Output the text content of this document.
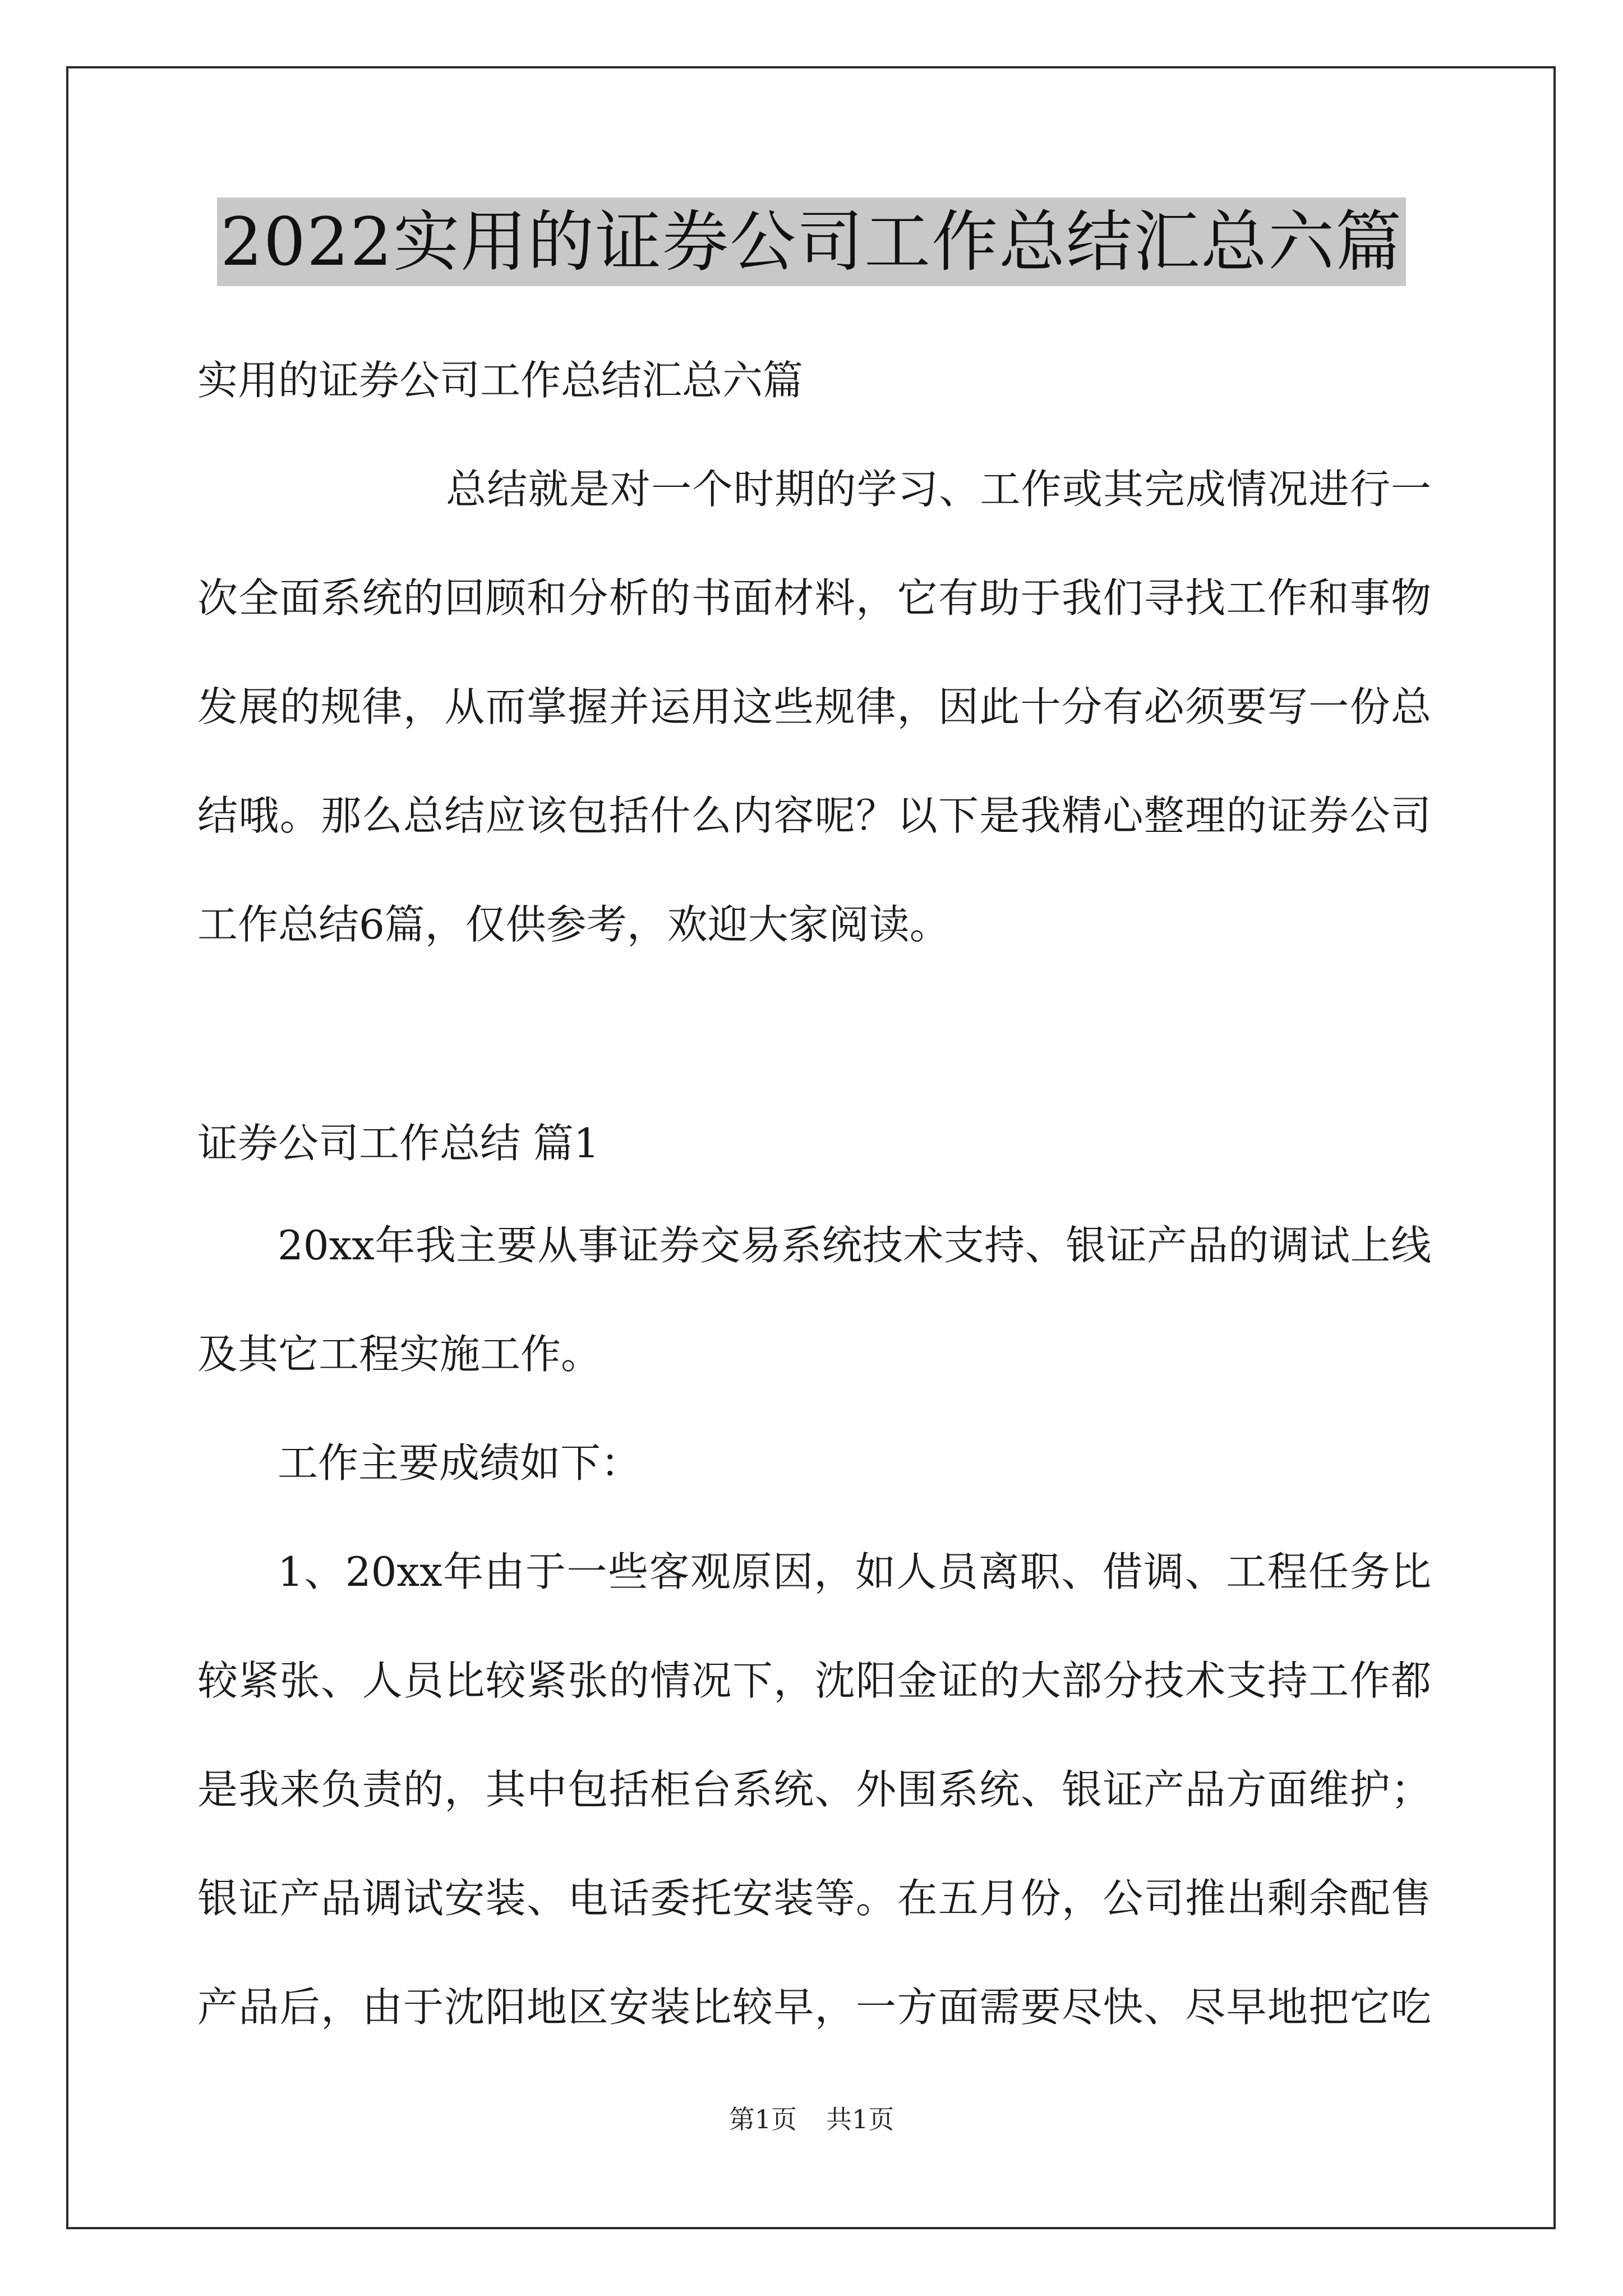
2022实用的证券公司工作总结汇总六篇
实用的证券公司工作总结汇总六篇
总结就是对一个时期的学习、工作或其完成情况进行一
次全面系统的回顾和分析的书面材料，它有助于我们寻找工作和事物
发展的规律，从而掌握并运用这些规律，因此十分有必须要写一份总
结哦。那么总结应该包括什么内容呢？以下是我精心整理的证券公司
工作总结6篇，仅供参考，欢迎大家阅读。
证券公司工作总结 篇1
20xx年我主要从事证券交易系统技术支持、银证产品的调试上线
及其它工程实施工作。
工作主要成绩如下：
1、20xx年由于一些客观原因，如人员离职、借调、工程任务比
较紧张、人员比较紧张的情况下，沈阳金证的大部分技术支持工作都
是我来负责的，其中包括柜台系统、外围系统、银证产品方面维护；
银证产品调试安装、电话委托安装等。在五月份，公司推出剩余配售
产品后，由于沈阳地区安装比较早，一方面需要尽快、尽早地把它吃
第1页 共1页
